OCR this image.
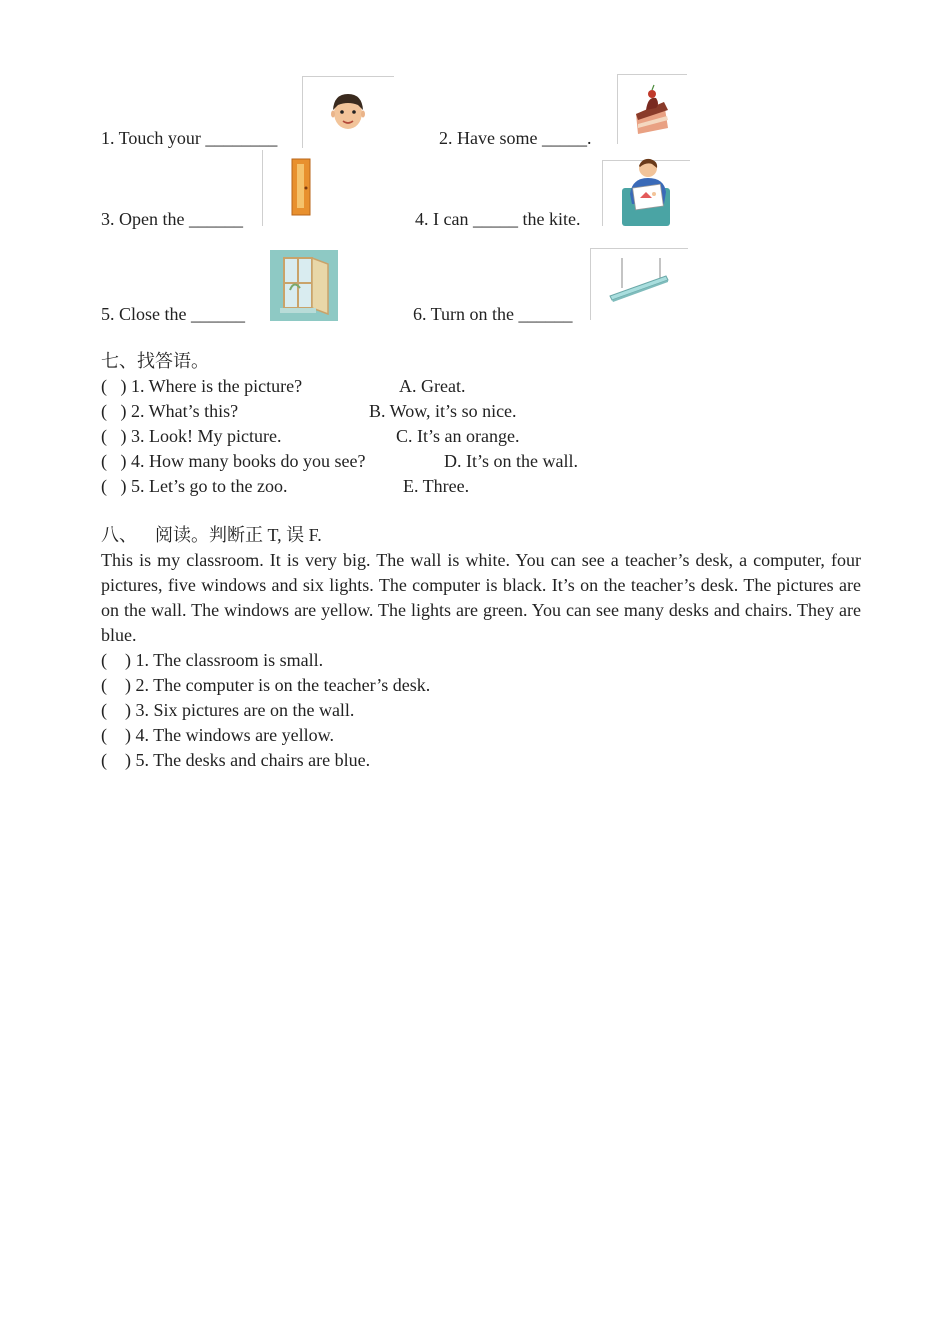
1. Touch your ________	2. Have some _____.
3. Open the ______	4. I can _____ the kite.
5. Close the ______	6. Turn on the ______
七、找答语。
(   ) 1. Where is the picture?	A. Great.
(   ) 2. What’s this?	B. Wow, it’s so nice.
(   ) 3. Look! My picture.	C. It’s an orange.
(   ) 4. How many books do you see?	D. It’s on the wall.
(   ) 5. Let’s go to the zoo.	E. Three.
八、    阅读。判断正 T, 误 F.
This is my classroom. It is very big. The wall is white. You can see a teacher’s desk, a computer, four pictures, five windows and six lights. The computer is black. It’s on the teacher’s desk. The pictures are on the wall. The windows are yellow. The lights are green. You can see many desks and chairs. They are blue.
(    ) 1. The classroom is small.
(    ) 2. The computer is on the teacher’s desk.
(    ) 3. Six pictures are on the wall.
(    ) 4. The windows are yellow.
(    ) 5. The desks and chairs are blue.
